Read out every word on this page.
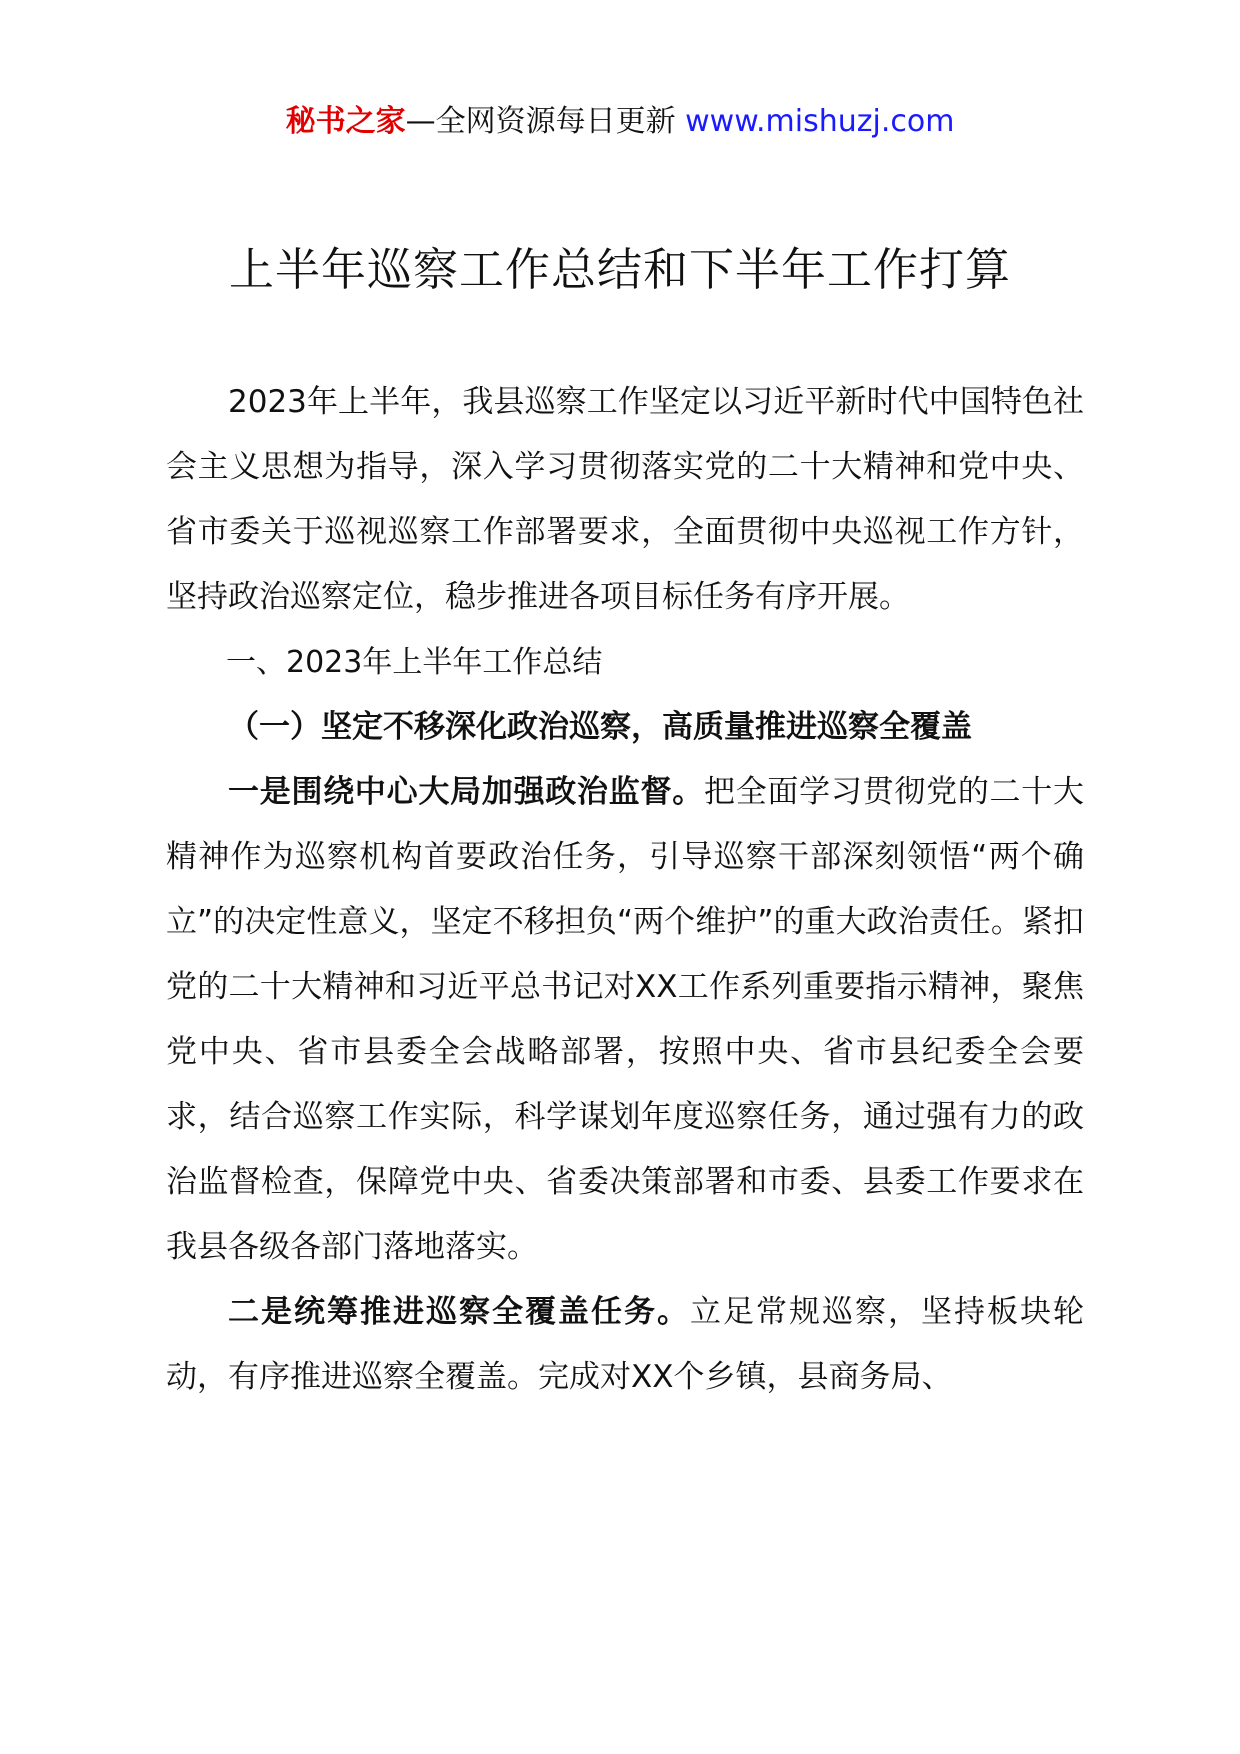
秘书之家—全网资源每日更新 www.mishuzj.com
上半年巡察工作总结和下半年工作打算

2023年上半年，我县巡察工作坚定以习近平新时代中国特色社会主义思想为指导，深入学习贯彻落实党的二十大精神和党中央、省市委关于巡视巡察工作部署要求，全面贯彻中央巡视工作方针，坚持政治巡察定位，稳步推进各项目标任务有序开展。

一、2023年上半年工作总结

（一）坚定不移深化政治巡察，高质量推进巡察全覆盖

一是围绕中心大局加强政治监督。把全面学习贯彻党的二十大精神作为巡察机构首要政治任务，引导巡察干部深刻领悟“两个确立”的决定性意义，坚定不移担负“两个维护”的重大政治责任。紧扣党的二十大精神和习近平总书记对XX工作系列重要指示精神，聚焦党中央、省市县委全会战略部署，按照中央、省市县纪委全会要求，结合巡察工作实际，科学谋划年度巡察任务，通过强有力的政治监督检查，保障党中央、省委决策部署和市委、县委工作要求在我县各级各部门落地落实。

二是统筹推进巡察全覆盖任务。立足常规巡察，坚持板块轮动，有序推进巡察全覆盖。完成对XX个乡镇，县商务局、
